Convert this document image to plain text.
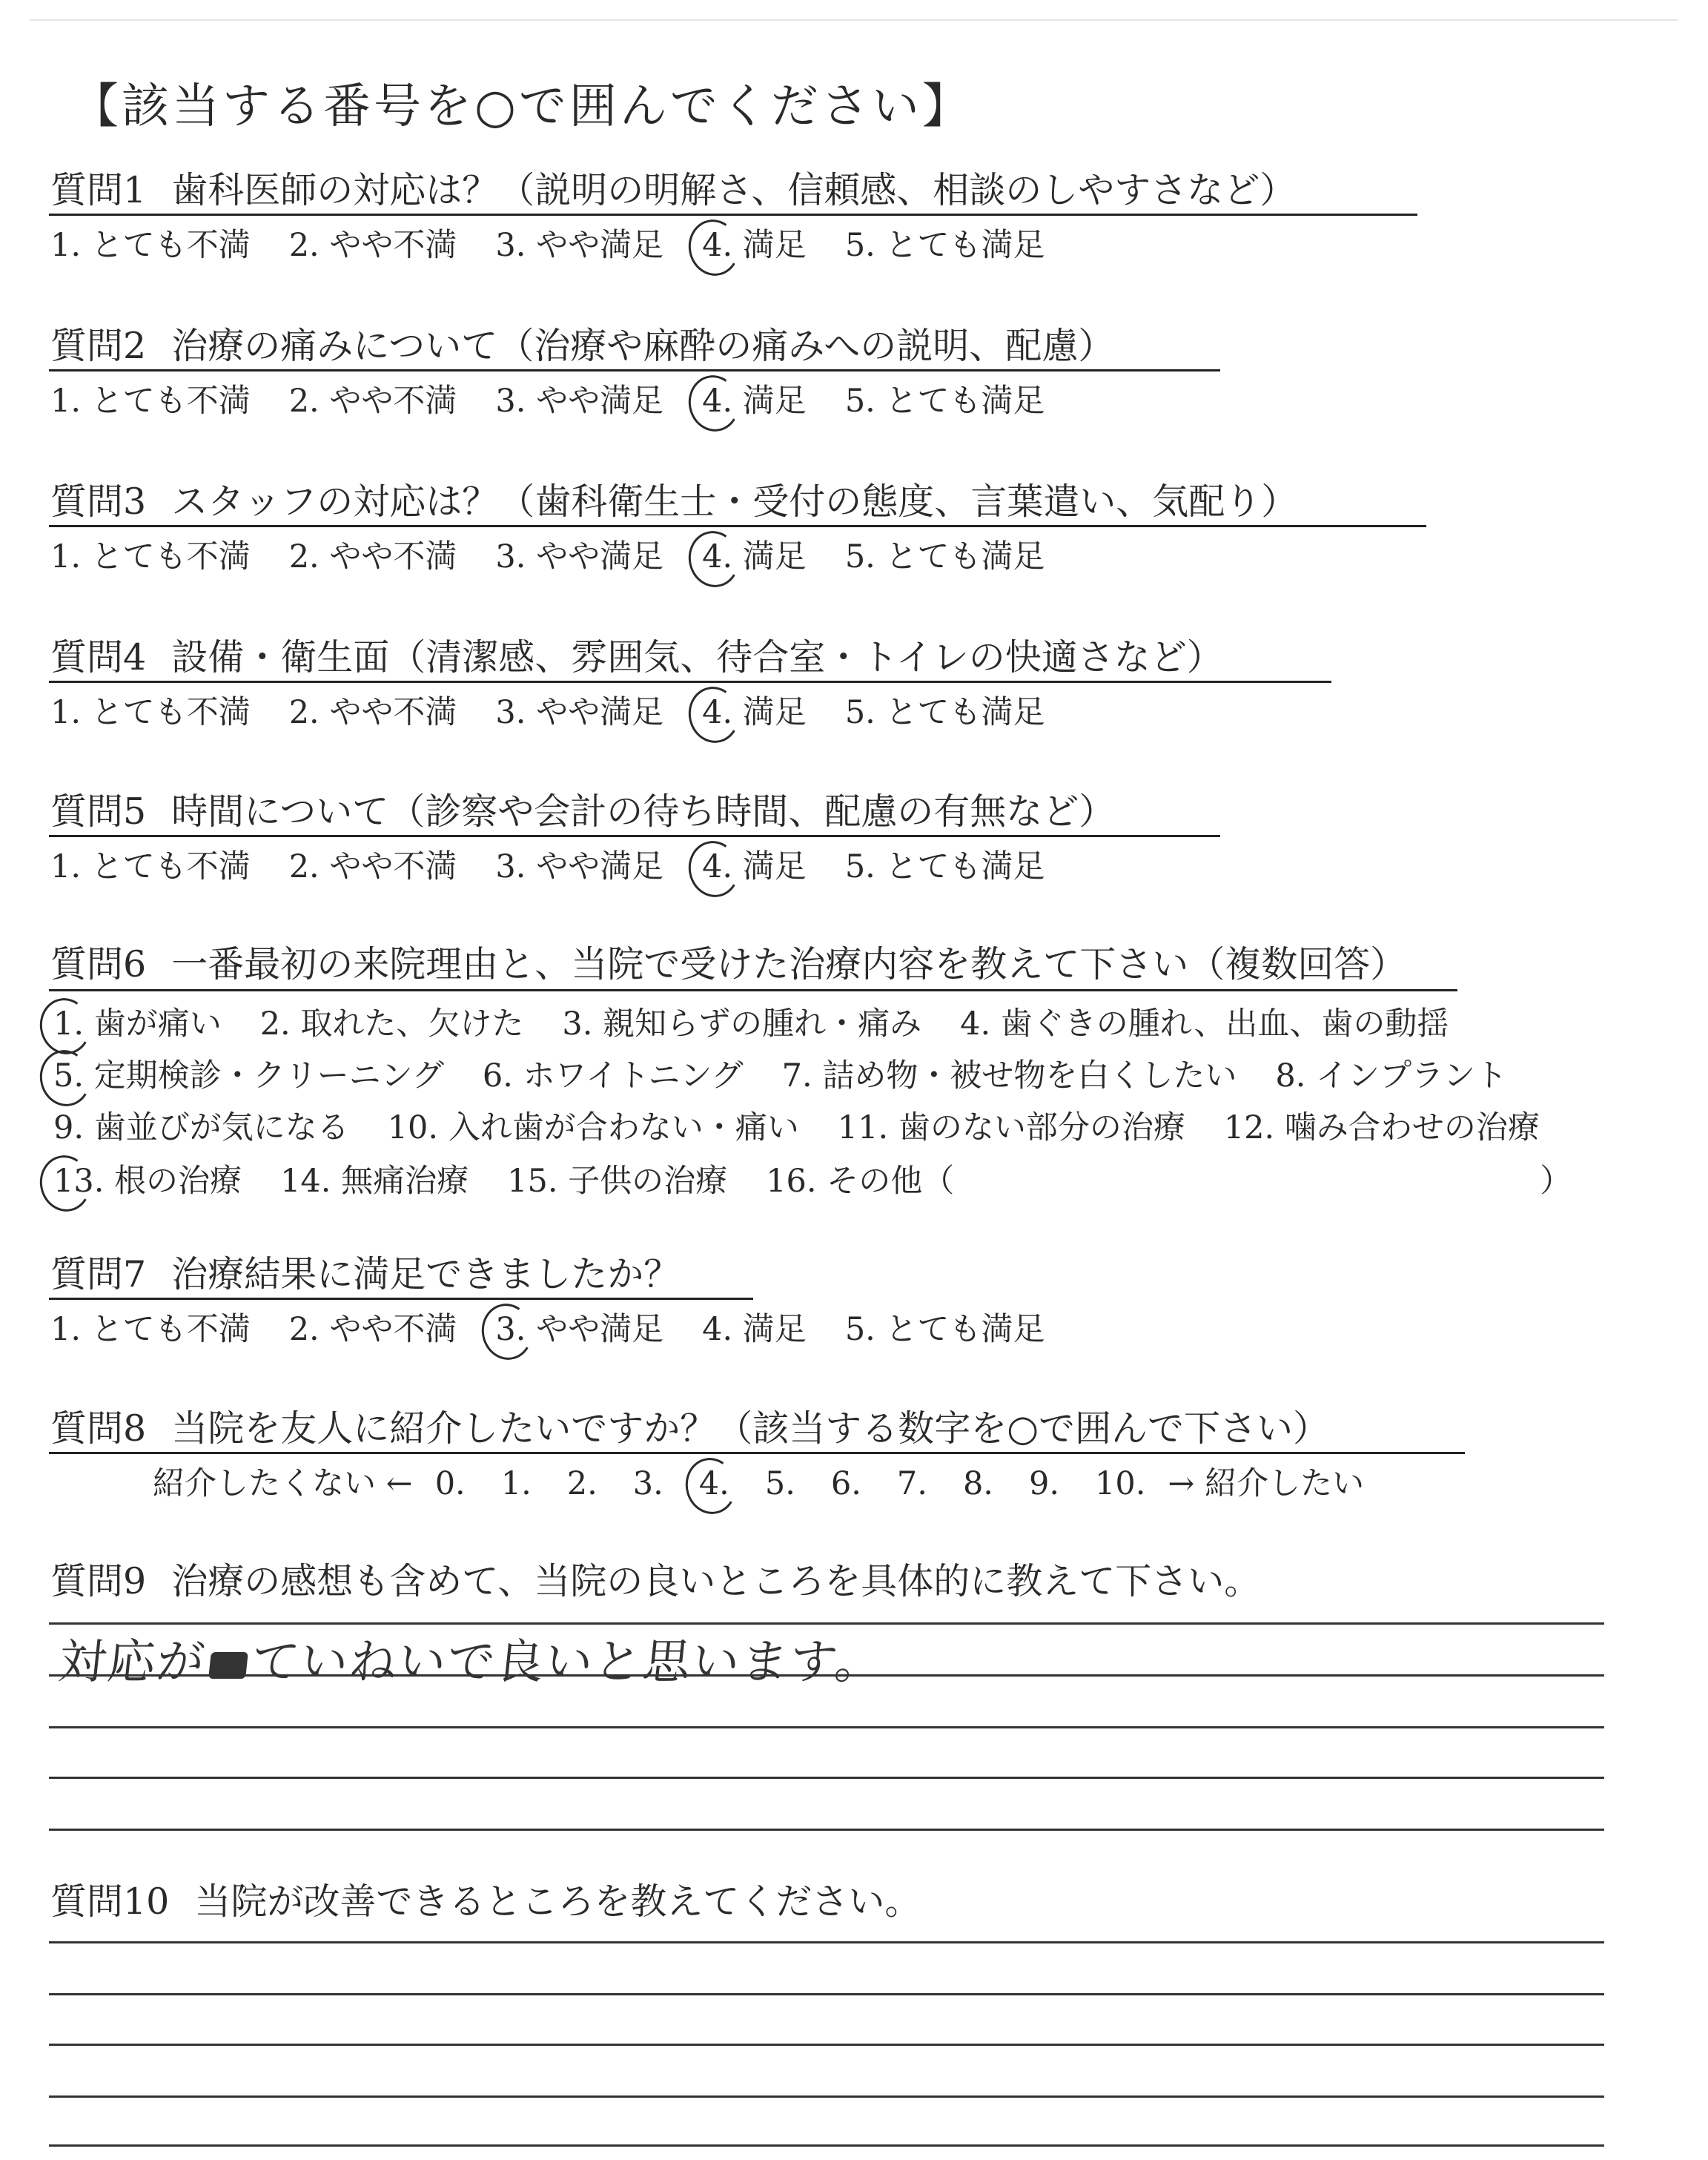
【該当する番号を○で囲んでください】
質問1 歯科医師の対応は？（説明の明解さ、信頼感、相談のしやすさなど）
1. とても不満 2. やや不満 3. やや満足 4. 満足 5. とても満足
質問2 治療の痛みについて（治療や麻酔の痛みへの説明、配慮）
1. とても不満 2. やや不満 3. やや満足 4. 満足 5. とても満足
質問3 スタッフの対応は？（歯科衛生士・受付の態度、言葉遣い、気配り）
1. とても不満 2. やや不満 3. やや満足 4. 満足 5. とても満足
質問4 設備・衛生面（清潔感、雰囲気、待合室・トイレの快適さなど）
1. とても不満 2. やや不満 3. やや満足 4. 満足 5. とても満足
質問5 時間について（診察や会計の待ち時間、配慮の有無など）
1. とても不満 2. やや不満 3. やや満足 4. 満足 5. とても満足
質問6 一番最初の来院理由と、当院で受けた治療内容を教えて下さい（複数回答）
1. 歯が痛い 2. 取れた、欠けた 3. 親知らずの腫れ・痛み 4. 歯ぐきの腫れ、出血、歯の動揺
5. 定期検診・クリーニング 6. ホワイトニング 7. 詰め物・被せ物を白くしたい 8. インプラント
9. 歯並びが気になる 10. 入れ歯が合わない・痛い 11. 歯のない部分の治療 12. 噛み合わせの治療
13. 根の治療 14. 無痛治療 15. 子供の治療 16. その他（	）
質問7 治療結果に満足できましたか？
1. とても不満 2. やや不満 3. やや満足 4. 満足 5. とても満足
質問8 当院を友人に紹介したいですか？（該当する数字を○で囲んで下さい）
紹介したくない ← 0. 1. 2. 3. 4. 5. 6. 7. 8. 9. 10. → 紹介したい
質問9 治療の感想も含めて、当院の良いところを具体的に教えて下さい。
対応が ていねいで良いと思います。
質問10 当院が改善できるところを教えてください。
